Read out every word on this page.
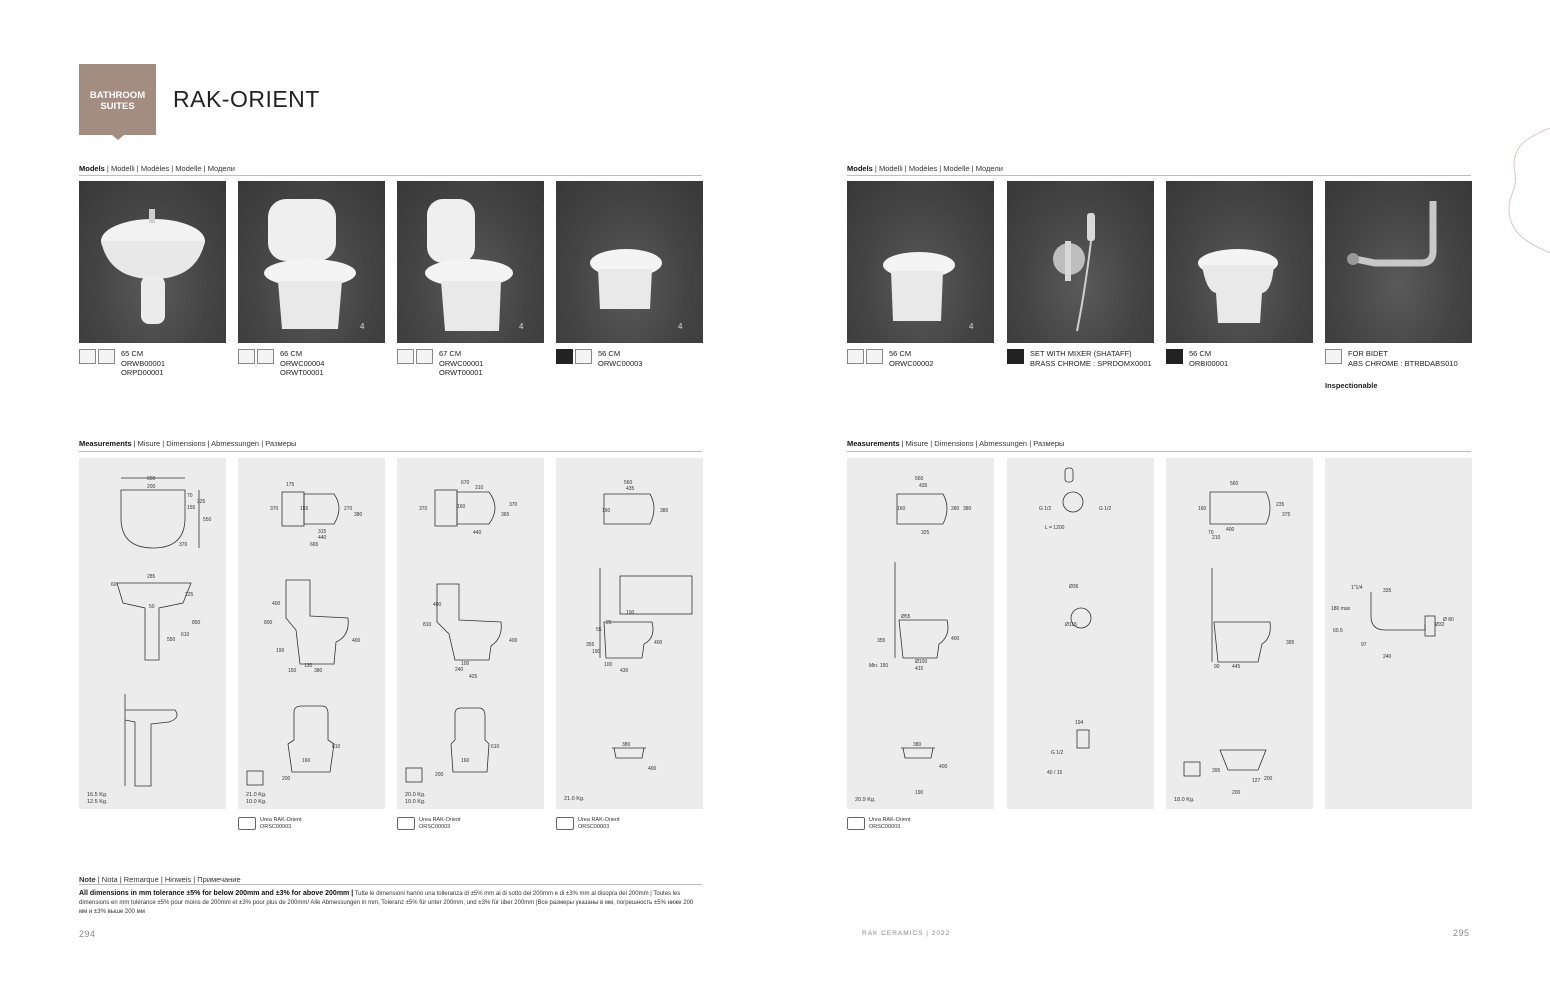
BATHROOM
SUITES	RAK-ORIENT
Models | Modelli | Modèles | Modelle | Модели	Models | Modelli | Modèles | Modelle | Модели
4	4	4	4
65 CM
ORWB00001
ORPD00001
66 CM
ORWC00004
ORWT00001
67 CM
ORWC00001
ORWT00001
56 CM
ORWC00003
56 CM
ORWC00002
SET WITH MIXER (SHATAFF)
BRASS CHROME : SPRDOMX0001
56 CM
ORBI00001
FOR BIDET
ABS CHROME : BTRBDABS010
Inspectionable
Measurements | Misure | Dimensions | Abmessungen | Размеры	Measurements | Misure | Dimensions | Abmessungen | Размеры
660
200
70
225
155
550
370
285
60
225
50
850
610
550
16.5 Kg.
12.5 Kg.
175
370	155	270
380
315
440
665
400
800
400
190
130
380
150
610
160
200
21.0 Kg.
10.0 Kg.
670
310
370	160	370
365
440
400
810
400
100
240
425
610
160
200
20.0 Kg.
10.0 Kg.
560
435
160	380
25
100
55
355
190
400
100
430
380
400
21.0 Kg.
560
435
160	280 380
325
Ø55
355	400
Ø100
415
Min. 150
380
400
190
20.9 Kg.
G 1/2	G 1/2
L = 1200
Ø36
Ø115
194
G 1/2
40 / 15
560
160
235
375
400
70
210
395
90 445
395
127 200
200
18.0 Kg.
1"1/4	335
180 max
Ø 80
60.5
Ø32
97
240
Urea RAK-Orient
ORSC00003
Urea RAK-Orient
ORSC00003
Urea RAK-Orient
ORSC00003
Urea RAK-Orient
ORSC00003
Note | Nota | Remarque | Hinweis | Примечание
All dimensions in mm tolerance ±5% for below 200mm and ±3% for above 200mm | Tutte le dimensioni hanno una tolleranza di ±5% mm al di sotto dei 200mm e di ±3% mm al disopra dei 200mm | Toutes les dimensions en mm tolérance ±5% pour moins de 200mm et ±3% pour plus de 200mm/ Alle Abmessungen in mm, Toleranz ±5% für unter 200mm, und ±3% für über 200mm |Все размеры указаны в мм, погрешность ±5% ниже 200 мм и ±3% выше 200 мм
294	RAK CERAMICS | 2022	295
